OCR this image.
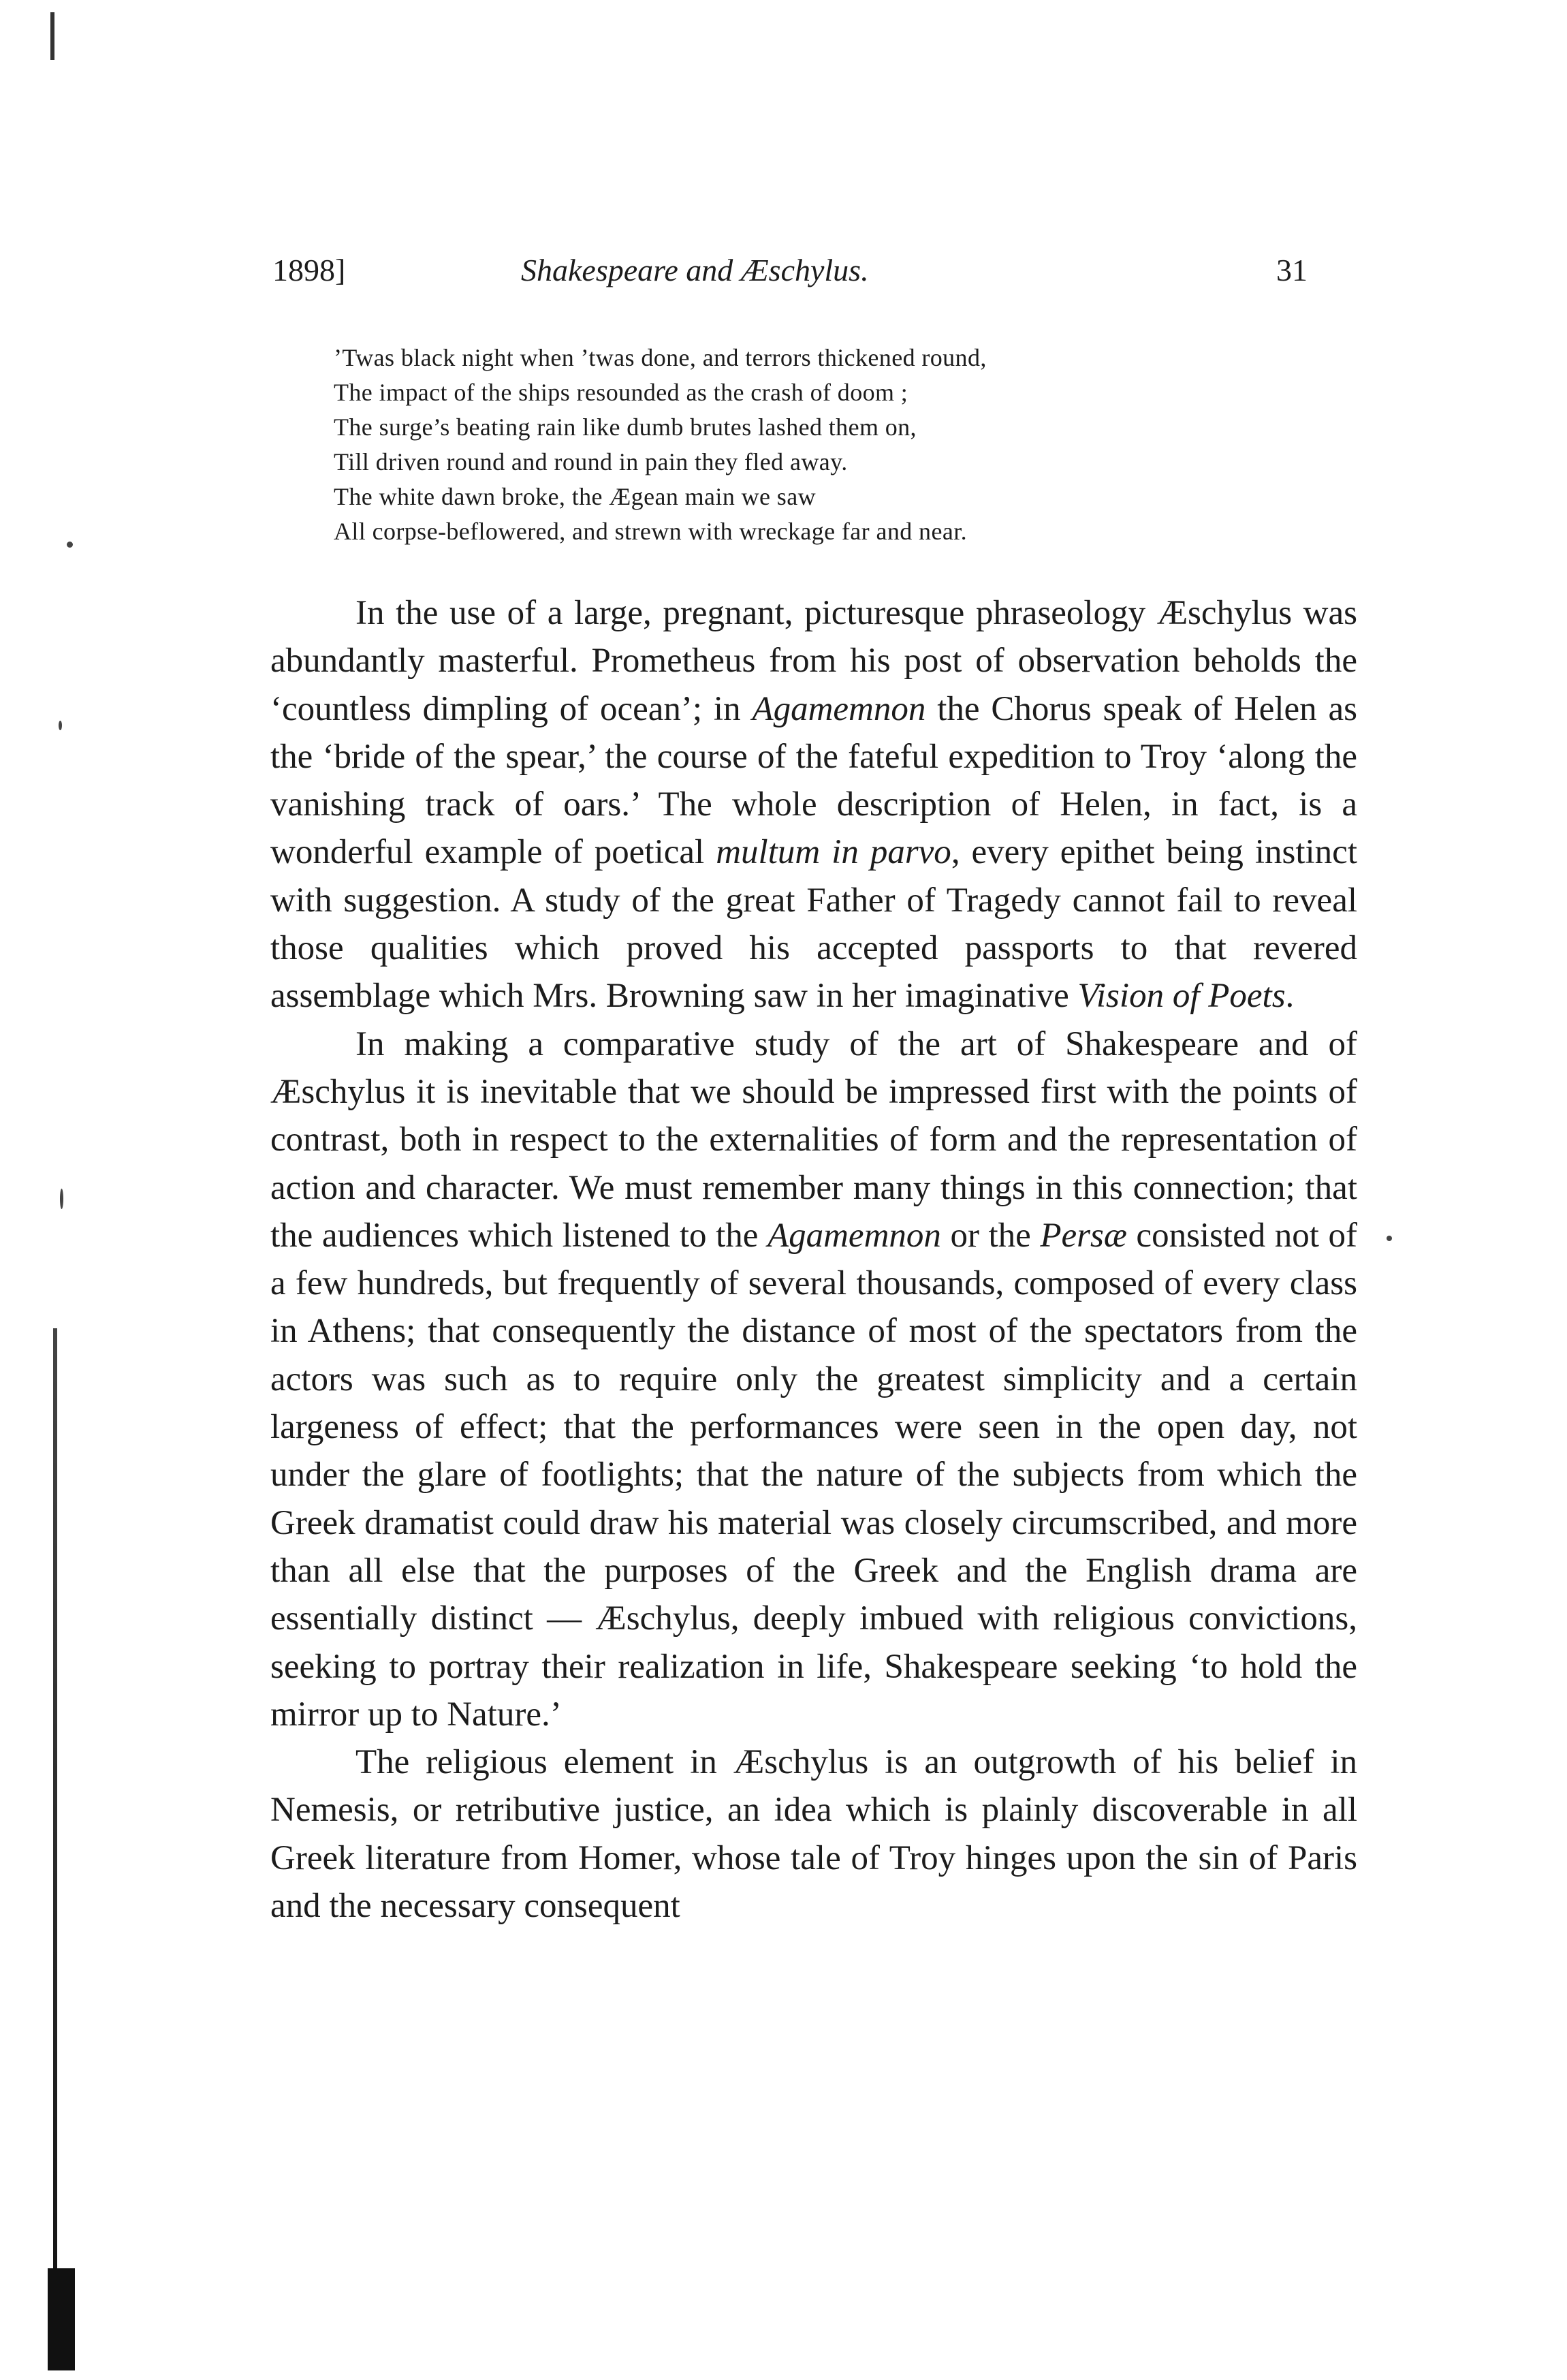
1898]	Shakespeare and Æschylus.	31
’Twas black night when ’twas done, and terrors thickened round,
The impact of the ships resounded as the crash of doom ;
The surge’s beating rain like dumb brutes lashed them on,
Till driven round and round in pain they fled away.
The white dawn broke, the Ægean main we saw
All corpse-beflowered, and strewn with wreckage far and near.

In the use of a large, pregnant, picturesque phraseology Æschylus was abundantly masterful. Prometheus from his post of observation beholds the ‘countless dimpling of ocean’; in Agamemnon the Chorus speak of Helen as the ‘bride of the spear,’ the course of the fateful expedition to Troy ‘along the vanishing track of oars.’ The whole description of Helen, in fact, is a wonderful example of poetical multum in parvo, every epithet being instinct with suggestion. A study of the great Father of Tragedy cannot fail to reveal those qualities which proved his accepted passports to that revered assemblage which Mrs. Browning saw in her imaginative Vision of Poets.

In making a comparative study of the art of Shakespeare and of Æschylus it is inevitable that we should be impressed first with the points of contrast, both in respect to the externalities of form and the representation of action and character. We must remember many things in this connection; that the audiences which listened to the Agamemnon or the Persæ consisted not of a few hundreds, but frequently of several thousands, composed of every class in Athens; that consequently the distance of most of the spectators from the actors was such as to require only the greatest simplicity and a certain largeness of effect; that the performances were seen in the open day, not under the glare of footlights; that the nature of the subjects from which the Greek dramatist could draw his material was closely circumscribed, and more than all else that the purposes of the Greek and the English drama are essentially distinct — Æschylus, deeply imbued with religious convictions, seeking to portray their realization in life, Shakespeare seeking ‘to hold the mirror up to Nature.’

The religious element in Æschylus is an outgrowth of his belief in Nemesis, or retributive justice, an idea which is plainly discoverable in all Greek literature from Homer, whose tale of Troy hinges upon the sin of Paris and the necessary consequent
